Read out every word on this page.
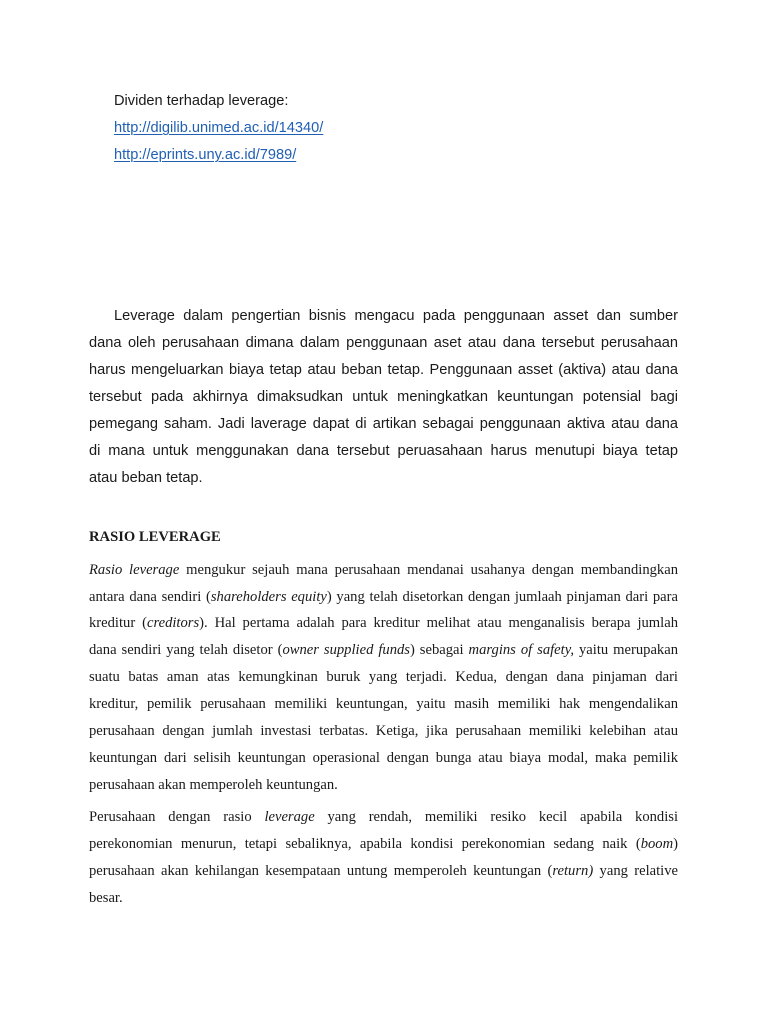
Dividen terhadap leverage:
http://digilib.unimed.ac.id/14340/
http://eprints.uny.ac.id/7989/
Leverage dalam pengertian bisnis mengacu pada penggunaan asset dan sumber
dana oleh perusahaan dimana dalam penggunaan aset atau dana tersebut perusahaan
harus mengeluarkan biaya tetap atau beban tetap. Penggunaan asset (aktiva) atau dana
tersebut pada akhirnya dimaksudkan untuk meningkatkan keuntungan potensial bagi
pemegang saham. Jadi laverage dapat di artikan sebagai penggunaan aktiva atau dana
di mana untuk menggunakan dana tersebut peruasahaan harus menutupi biaya tetap
atau beban tetap.
RASIO LEVERAGE
Rasio leverage mengukur sejauh mana perusahaan mendanai usahanya dengan membandingkan
antara dana sendiri (shareholders equity) yang telah disetorkan dengan jumlaah pinjaman dari para
kreditur (creditors). Hal pertama adalah para kreditur melihat atau menganalisis berapa jumlah
dana sendiri yang telah disetor (owner supplied funds) sebagai margins of safety, yaitu merupakan
suatu batas aman atas kemungkinan buruk yang terjadi. Kedua, dengan dana pinjaman dari
kreditur, pemilik perusahaan memiliki keuntungan, yaitu masih memiliki hak mengendalikan
perusahaan dengan jumlah investasi terbatas. Ketiga, jika perusahaan memiliki kelebihan atau
keuntungan dari selisih keuntungan operasional dengan bunga atau biaya modal, maka pemilik
perusahaan akan memperoleh keuntungan.
Perusahaan dengan rasio leverage yang rendah, memiliki resiko kecil apabila kondisi
perekonomian menurun, tetapi sebaliknya, apabila kondisi perekonomian sedang naik (boom)
perusahaan akan kehilangan kesempataan untung memperoleh keuntungan (return) yang relative
besar.
